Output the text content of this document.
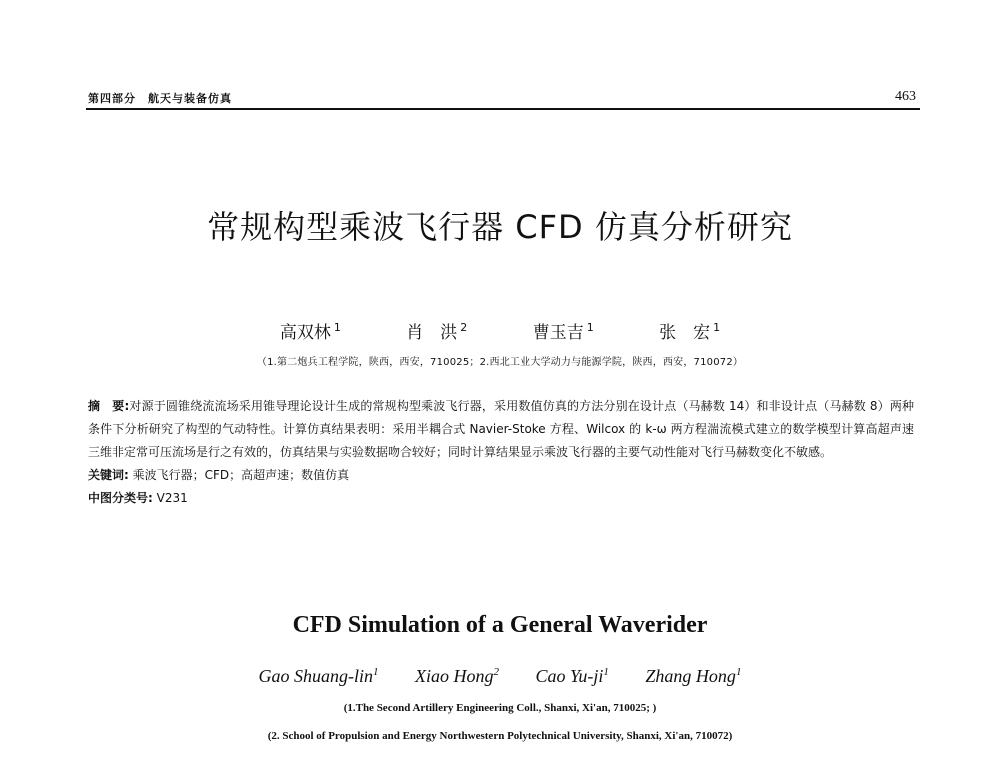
第四部分　航天与装备仿真	463
常规构型乘波飞行器 CFD 仿真分析研究
高双林 $^1$	肖　洪 $^2$	曹玉吉 $^1$	张　宏 $^1$
（1.第二炮兵工程学院，陕西，西安，710025；2.西北工业大学动力与能源学院，陕西，西安，710072）
摘　要:对源于圆锥绕流流场采用锥导理论设计生成的常规构型乘波飞行器，采用数值仿真的方法分别在设计点（马赫数 14）和非设计点（马赫数 8）两种条件下分析研究了构型的气动特性。计算仿真结果表明：采用半耦合式 Navier-Stoke 方程、Wilcox 的 k-ω 两方程湍流模式建立的数学模型计算高超声速三维非定常可压流场是行之有效的，仿真结果与实验数据吻合较好；同时计算结果显示乘波飞行器的主要气动性能对飞行马赫数变化不敏感。
关键词: 乘波飞行器；CFD；高超声速；数值仿真
中图分类号: V231
CFD Simulation of a General Waverider
Gao Shuang-lin$^1$ Xiao Hong$^2$ Cao $Yu-ji^1$ Zhang Hong$^1$
(1.The Second Artillery Engineering Coll., Shanxi, Xi'an, 710025; )
(2. School of Propulsion and Energy Northwestern Polytechnical University, Shanxi, Xi'an, 710072)
